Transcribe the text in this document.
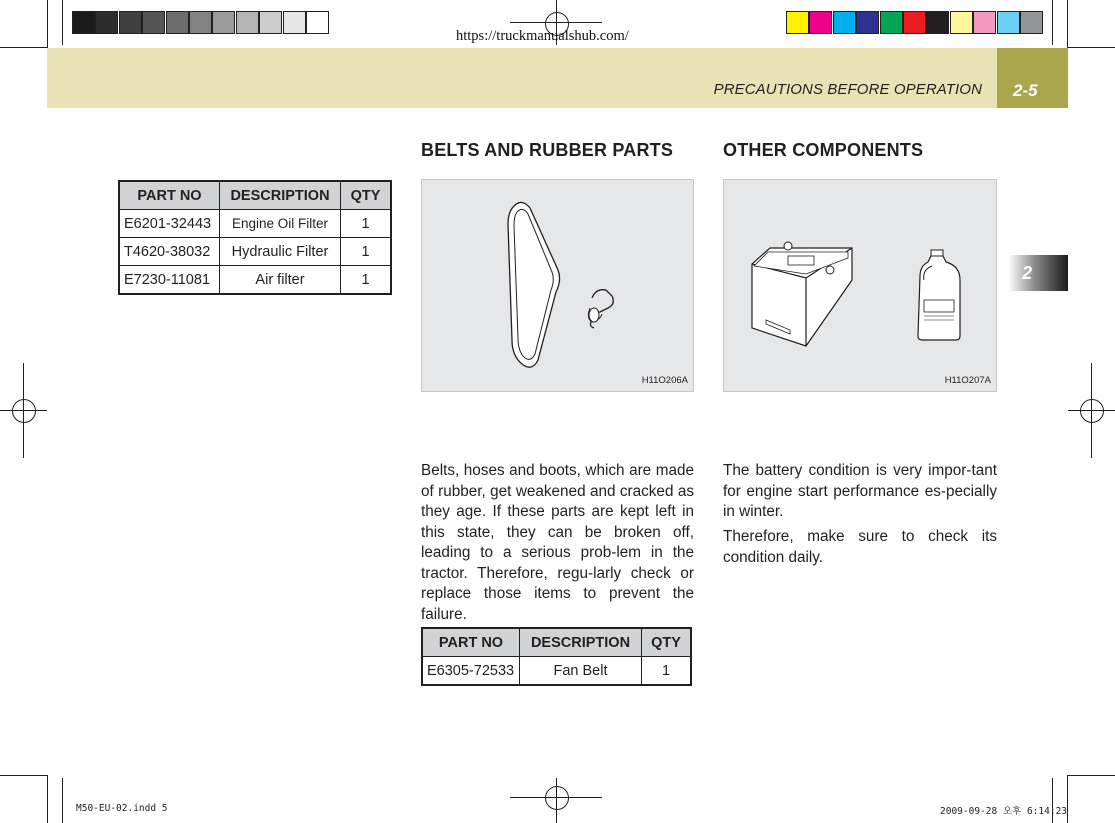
https://truckmanualshub.com/
PRECAUTIONS BEFORE OPERATION 2-5
2
PART NO	DESCRIPTION	QTY
E6201-32443	Engine Oil Filter	1
T4620-38032	Hydraulic Filter	1
E7230-11081	Air filter	1
BELTS AND RUBBER PARTS
H11O206A

Belts, hoses and boots, which are made of rubber, get weakened and cracked as they age. If these parts are kept left in this state, they can be broken off, leading to a serious prob-lem in the tractor. Therefore, regu-larly check or replace those items to prevent the failure.

PART NO	DESCRIPTION	QTY
E6305-72533	Fan Belt	1
OTHER COMPONENTS
H11O207A

The battery condition is very impor-tant for engine start performance es-pecially in winter.

Therefore, make sure to check its condition daily.

M50-EU-02.indd 5	2009-09-28 오후 6:14:23
